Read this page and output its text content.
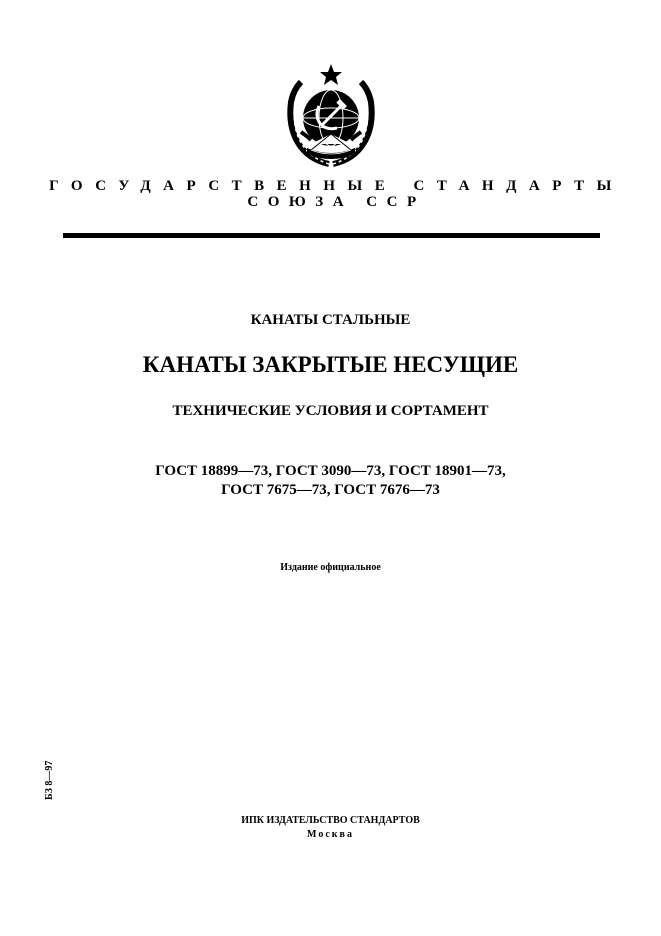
ГОСУДАРСТВЕННЫЕ СТАНДАРТЫ
СОЮЗА ССР
КАНАТЫ СТАЛЬНЫЕ
КАНАТЫ ЗАКРЫТЫЕ НЕСУЩИЕ
ТЕХНИЧЕСКИЕ УСЛОВИЯ И СОРТАМЕНТ
ГОСТ 18899—73, ГОСТ 3090—73, ГОСТ 18901—73,
ГОСТ 7675—73, ГОСТ 7676—73
Издание официальное
БЗ 8—97
ИПК ИЗДАТЕЛЬСТВО СТАНДАРТОВ
Москва
